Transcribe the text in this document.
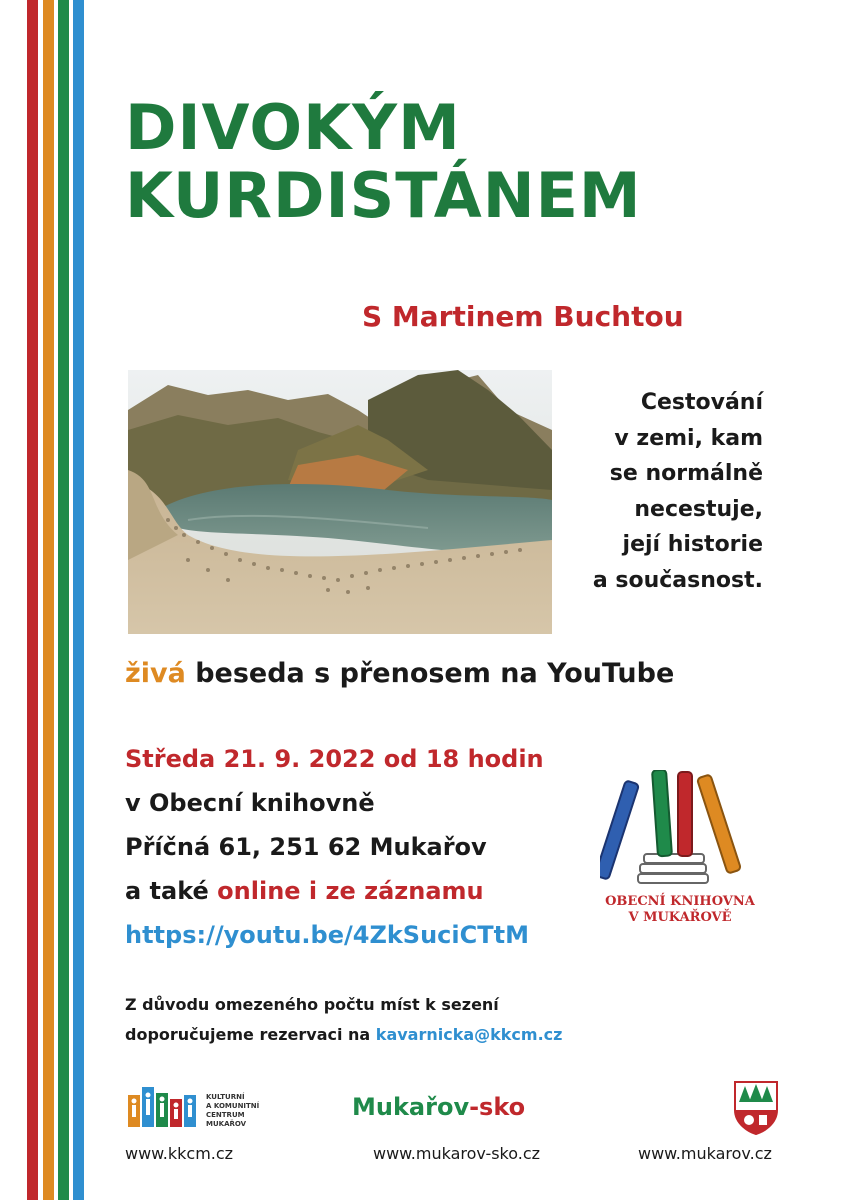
DIVOKÝM
KURDISTÁNEM
S Martinem Buchtou
Cestování
v zemi, kam
se normálně
necestuje,
její historie
a současnost.
živá beseda s přenosem na YouTube
Středa 21. 9. 2022 od 18 hodin
v Obecní knihovně
Příčná 61, 251 62 Mukařov
a také online i ze záznamu
https://youtu.be/4ZkSuciCTtM
OBECNÍ KNIHOVNA
V MUKAŘOVĚ
Z důvodu omezeného počtu míst k sezení
doporučujeme rezervaci na kavarnicka@kkcm.cz
KULTURNÍ
A KOMUNITNÍ
CENTRUM
MUKAŘOV
Mukařov-sko
www.kkcm.cz	www.mukarov-sko.cz	www.mukarov.cz
